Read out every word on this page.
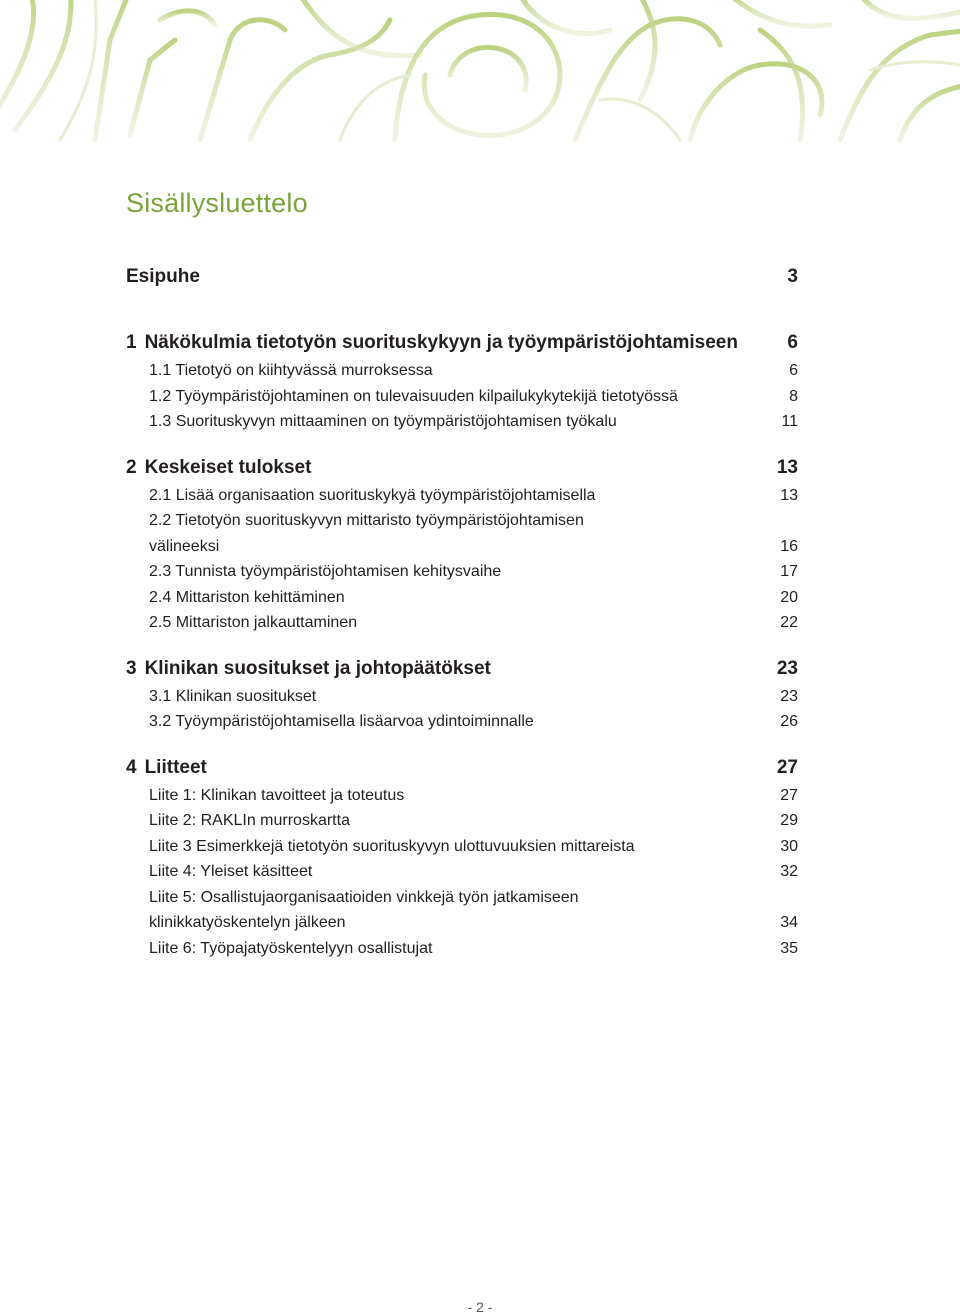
Sisällysluettelo
Esipuhe	3
1 Näkökulmia tietotyön suorituskykyyn ja työympäristöjohtamiseen	6
1.1 Tietotyö on kiihtyvässä murroksessa	6
1.2 Työympäristöjohtaminen on tulevaisuuden kilpailukykytekijä tietotyössä	8
1.3 Suorituskyvyn mittaaminen on työympäristöjohtamisen työkalu	11
2 Keskeiset tulokset	13
2.1 Lisää organisaation suorituskykyä työympäristöjohtamisella	13
2.2 Tietotyön suorituskyvyn mittaristo työympäristöjohtamisen välineeksi	16
2.3 Tunnista työympäristöjohtamisen kehitysvaihe	17
2.4 Mittariston kehittäminen	20
2.5 Mittariston jalkauttaminen	22
3 Klinikan suositukset ja johtopäätökset	23
3.1 Klinikan suositukset	23
3.2 Työympäristöjohtamisella lisäarvoa ydintoiminnalle	26
4 Liitteet	27
Liite 1: Klinikan tavoitteet ja toteutus	27
Liite 2: RAKLIn murroskartta	29
Liite 3 Esimerkkejä tietotyön suorituskyvyn ulottuvuuksien mittareista	30
Liite 4: Yleiset käsitteet	32
Liite 5: Osallistujaorganisaatioiden vinkkejä työn jatkamiseen klinikkatyöskentelyn jälkeen	34
Liite 6: Työpajatyöskentelyyn osallistujat	35
- 2 -
